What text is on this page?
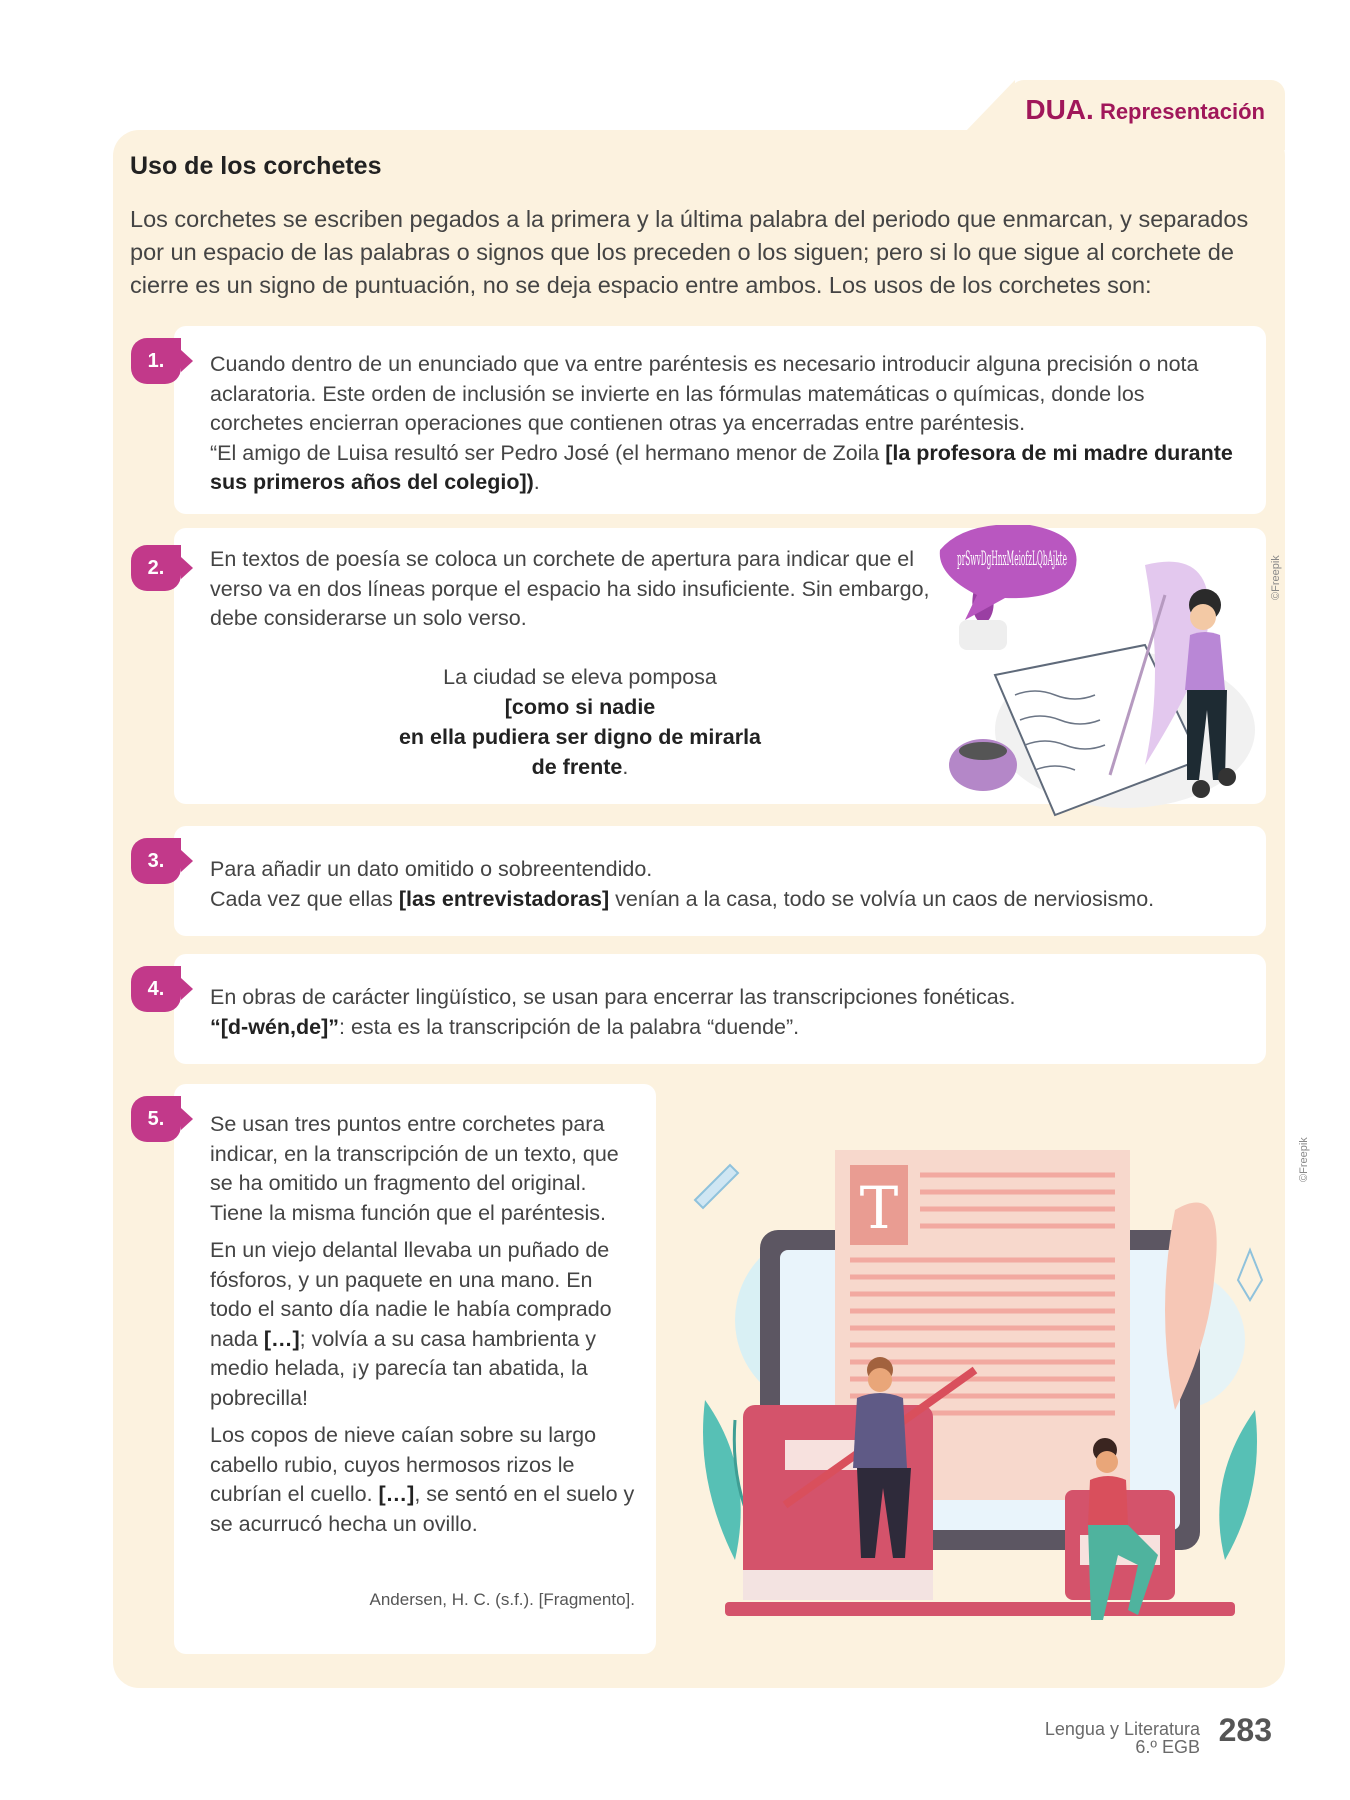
DUA. Representación
Uso de los corchetes

Los corchetes se escriben pegados a la primera y la última palabra del periodo que enmarcan, y separados por un espacio de las palabras o signos que los preceden o los siguen; pero si lo que sigue al corchete de cierre es un signo de puntuación, no se deja espacio entre ambos. Los usos de los corchetes son:

1.	Cuando dentro de un enunciado que va entre paréntesis es necesario introducir alguna precisión o nota aclaratoria. Este orden de inclusión se invierte en las fórmulas matemáticas o químicas, donde los corchetes encierran operaciones que contienen otras ya encerradas entre paréntesis.
“El amigo de Luisa resultó ser Pedro José (el hermano menor de Zoila [la profesora de mi madre durante sus primeros años del colegio]).

2.	En textos de poesía se coloca un corchete de apertura para indicar que el verso va en dos líneas porque el espacio ha sido insuficiente. Sin embargo, debe considerarse un solo verso.

La ciudad se eleva pomposa
[como si nadie
en ella pudiera ser digno de mirarla
de frente.
prSwvDgHnxMeiofzLQbAjkte	©Freepik
3.	Para añadir un dato omitido o sobreentendido.
Cada vez que ellas [las entrevistadoras] venían a la casa, todo se volvía un caos de nerviosismo.

4.	En obras de carácter lingüístico, se usan para encerrar las transcripciones fonéticas.
“[d-wén,de]”: esta es la transcripción de la palabra “duende”.

5.	Se usan tres puntos entre corchetes para indicar, en la transcripción de un texto, que se ha omitido un fragmento del original. Tiene la misma función que el paréntesis.

En un viejo delantal llevaba un puñado de fósforos, y un paquete en una mano. En todo el santo día nadie le había comprado nada […]; volvía a su casa hambrienta y medio helada, ¡y parecía tan abatida, la pobrecilla!

Los copos de nieve caían sobre su largo cabello rubio, cuyos hermosos rizos le cubrían el cuello. […], se sentó en el suelo y se acurrucó hecha un ovillo.

Andersen, H. C. (s.f.). [Fragmento].
T
©Freepik
Lengua y Literatura
6.º EGB 283
